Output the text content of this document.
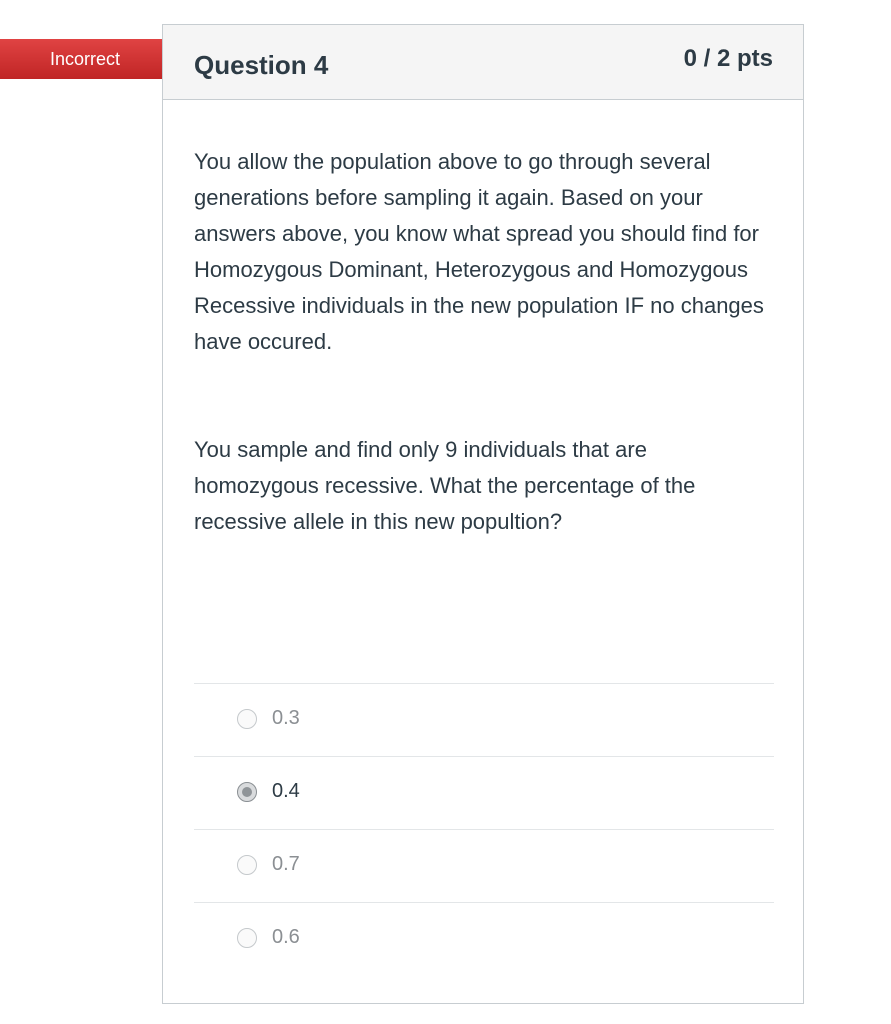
Incorrect	Question 4	0 / 2 pts
You allow the population above to go through several generations before sampling it again. Based on your answers above, you know what spread you should find for Homozygous Dominant, Heterozygous and Homozygous Recessive individuals in the new population IF no changes have occured.
You sample and find only 9 individuals that are homozygous recessive. What the percentage of the recessive allele in this new popultion?
0.3
0.4
0.7
0.6
